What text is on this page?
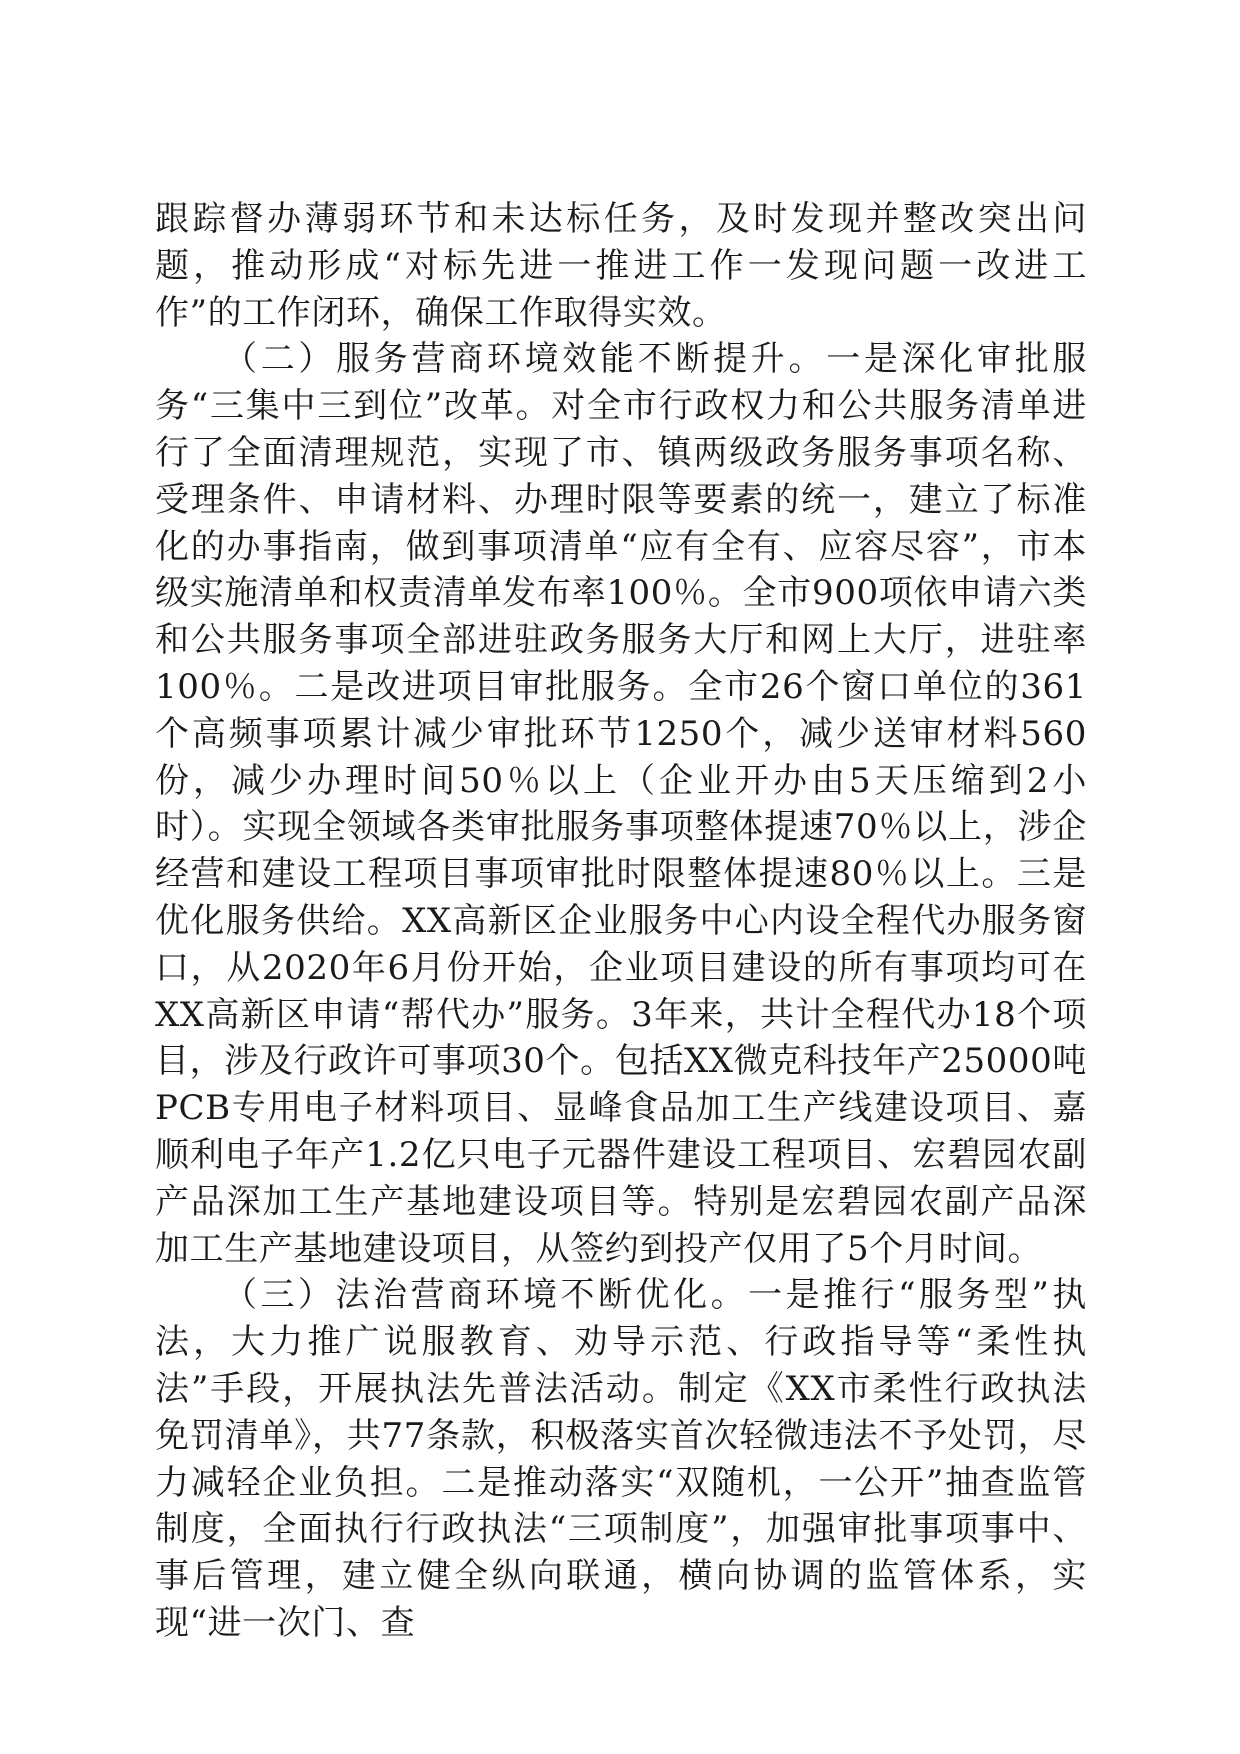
跟踪督办薄弱环节和未达标任务，及时发现并整改突出问题，推动形成“对标先进一推进工作一发现问题一改进工作”的工作闭环，确保工作取得实效。

（二）服务营商环境效能不断提升。一是深化审批服务“三集中三到位”改革。对全市行政权力和公共服务清单进行了全面清理规范，实现了市、镇两级政务服务事项名称、受理条件、申请材料、办理时限等要素的统一，建立了标准化的办事指南，做到事项清单“应有全有、应容尽容”，市本级实施清单和权责清单发布率100％。全市900项依申请六类和公共服务事项全部进驻政务服务大厅和网上大厅，进驻率100％。二是改进项目审批服务。全市26个窗口单位的361个高频事项累计减少审批环节1250个，减少送审材料560份，减少办理时间50％以上（企业开办由5天压缩到2小时）。实现全领域各类审批服务事项整体提速70％以上，涉企经营和建设工程项目事项审批时限整体提速80％以上。三是优化服务供给。XX高新区企业服务中心内设全程代办服务窗口，从2020年6月份开始，企业项目建设的所有事项均可在XX高新区申请“帮代办”服务。3年来，共计全程代办18个项目，涉及行政许可事项30个。包括XX微克科技年产25000吨PCB专用电子材料项目、显峰食品加工生产线建设项目、嘉顺利电子年产1.2亿只电子元器件建设工程项目、宏碧园农副产品深加工生产基地建设项目等。特别是宏碧园农副产品深加工生产基地建设项目，从签约到投产仅用了5个月时间。

（三）法治营商环境不断优化。一是推行“服务型”执法，大力推广说服教育、劝导示范、行政指导等“柔性执法”手段，开展执法先普法活动。制定《XX市柔性行政执法免罚清单》，共77条款，积极落实首次轻微违法不予处罚，尽力减轻企业负担。二是推动落实“双随机，一公开”抽查监管制度，全面执行行政执法“三项制度”，加强审批事项事中、事后管理，建立健全纵向联通，横向协调的监管体系，实现“进一次门、查
